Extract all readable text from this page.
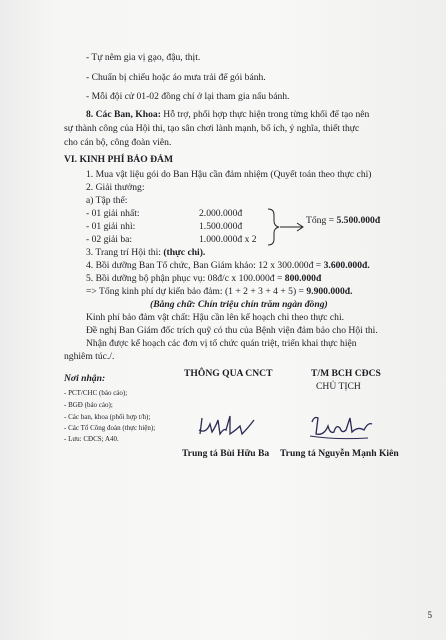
- Tự nêm gia vị gạo, đậu, thịt.
- Chuẩn bị chiếu hoặc áo mưa trải để gói bánh.
- Mỗi đội cử 01-02 đồng chí ở lại tham gia nấu bánh.
8. Các Ban, Khoa: Hỗ trợ, phối hợp thực hiện trong từng khối để tạo nên
sự thành công của Hội thi, tạo sân chơi lành mạnh, bổ ích, ý nghĩa, thiết thực
cho cán bộ, công đoàn viên.
VI. KINH PHÍ BẢO ĐẢM
1. Mua vật liệu gói do Ban Hậu cần đảm nhiệm (Quyết toán theo thực chi)
2. Giải thưởng:
a) Tập thể:
- 01 giải nhất:	2.000.000đ
- 01 giải nhì:	1.500.000đ
- 02 giải ba:	1.000.000đ x 2
Tổng = 5.500.000đ
3. Trang trí Hội thi: (thực chi).
4. Bồi dưỡng Ban Tổ chức, Ban Giám khảo: 12 x 300.000đ = 3.600.000đ.
5. Bồi dưỡng bộ phận phục vụ: 08đ/c x 100.000đ = 800.000đ
=> Tổng kinh phí dự kiến bảo đảm: (1 + 2 + 3 + 4 + 5) = 9.900.000đ.
(Bằng chữ: Chín triệu chín trăm ngàn đồng)
Kinh phí bảo đảm vật chất: Hậu cần lên kế hoạch chi theo thực chi.
Đề nghị Ban Giám đốc trích quỹ có thu của Bệnh viện đảm bảo cho Hội thi.
Nhận được kế hoạch các đơn vị tổ chức quán triệt, triển khai thực hiện
nghiêm túc./.
Nơi nhận:
- PCT/CHC (báo cáo);
- BGĐ (báo cáo);
- Các ban, khoa (phối hợp t/h);
- Các Tổ Công đoàn (thực hiện);
- Lưu: CĐCS; A40.
THÔNG QUA CNCT
Trung tá Bùi Hữu Ba
T/M BCH CĐCS
CHỦ TỊCH
Trung tá Nguyễn Mạnh Kiên
5
